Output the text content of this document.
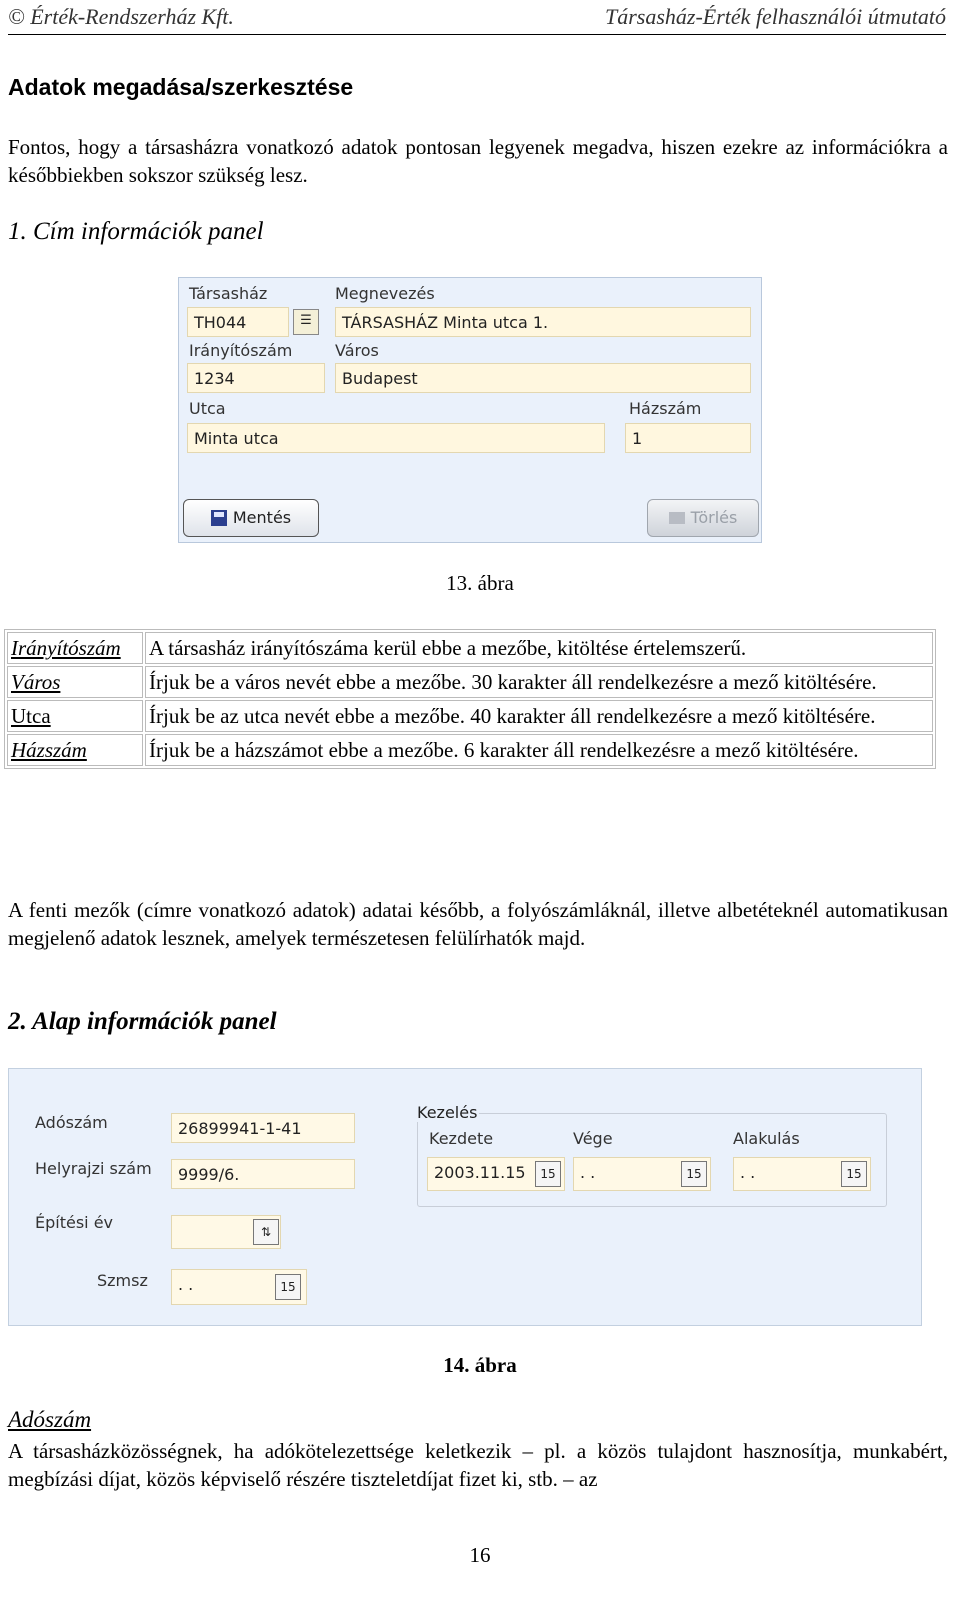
© Érték-Rendszerház Kft.	Társasház-Érték felhasználói útmutató
Adatok megadása/szerkesztése
Fontos, hogy a társasházra vonatkozó adatok pontosan legyenek megadva, hiszen ezekre az információkra a későbbiekben sokszor szükség lesz.
1. Cím információk panel
Társasház	Megnevezés
TH044	☰	TÁRSASHÁZ Minta utca 1.
Irányítószám	Város
1234	Budapest
Utca	Házszám
Minta utca	1
Mentés	Törlés
13. ábra
Irányítószám	A társasház irányítószáma kerül ebbe a mezőbe, kitöltése értelemszerű.
Város	Írjuk be a város nevét ebbe a mezőbe. 30 karakter áll rendelkezésre a mező kitöltésére.
Utca	Írjuk be az utca nevét ebbe a mezőbe. 40 karakter áll rendelkezésre a mező kitöltésére.
Házszám	Írjuk be a házszámot ebbe a mezőbe. 6 karakter áll rendelkezésre a mező kitöltésére.
A fenti mezők (címre vonatkozó adatok) adatai később, a folyószámláknál, illetve albetéteknél automatikusan megjelenő adatok lesznek, amelyek természetesen felülírhatók majd.
2. Alap információk panel
Adószám	26899941-1-41
Helyrajzi szám	9999/6.
Építési év	⇅
Szmsz	. .	15
Kezelés
Kezdete
2003.11.15	15
Vége
. .	15
Alakulás
. .	15
14. ábra
Adószám
A társasházközösségnek, ha adókötelezettsége keletkezik – pl. a közös tulajdont hasznosítja, munkabért, megbízási díjat, közös képviselő részére tiszteletdíjat fizet ki, stb. – az
16
